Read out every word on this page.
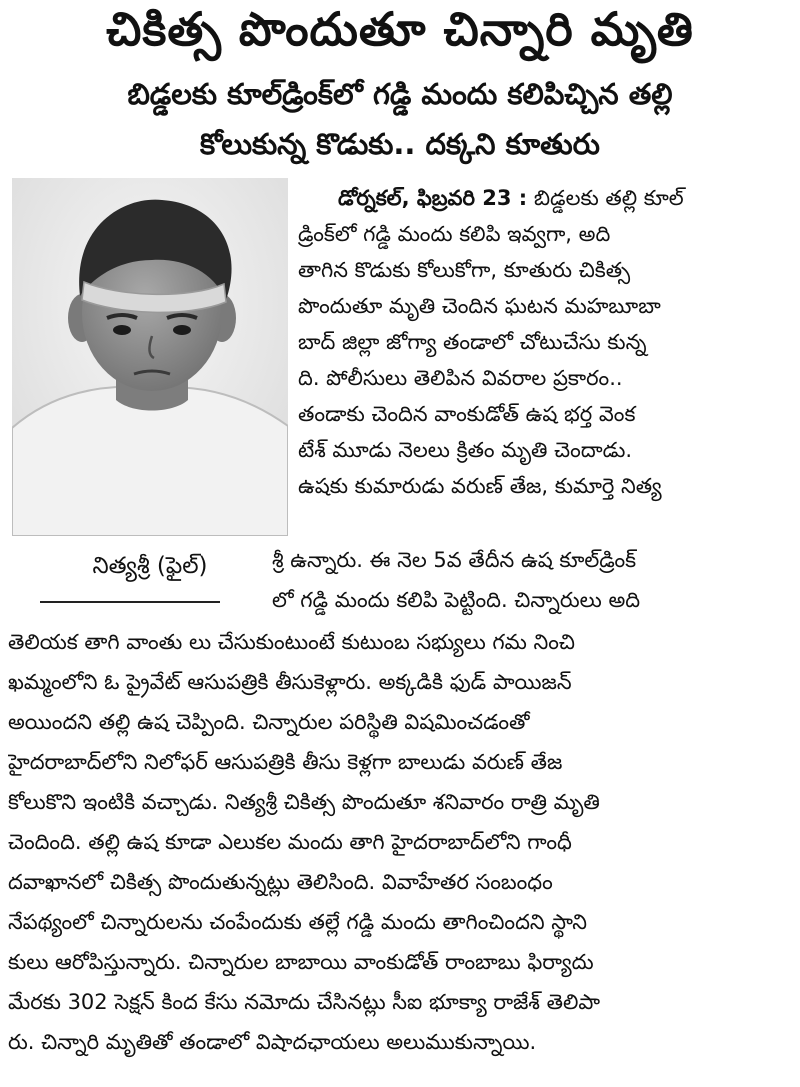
చికిత్స పొందుతూ చిన్నారి మృతి
బిడ్డలకు కూల్‌డ్రింక్‌లో గడ్డి మందు కలిపిచ్చిన తల్లి
కోలుకున్న కొడుకు.. దక్కని కూతురు
నిత్యశ్రీ (ఫైల్)
డోర్నకల్, ఫిబ్రవరి 23 : బిడ్డలకు తల్లి కూల్
డ్రింక్‌లో గడ్డి మందు కలిపి ఇవ్వగా, అది
తాగిన కొడుకు కోలుకోగా, కూతురు చికిత్స
పొందుతూ మృతి చెందిన ఘటన మహబూబా
బాద్ జిల్లా జోగ్యా తండాలో చోటుచేసు కున్న
ది. పోలీసులు తెలిపిన వివరాల ప్రకారం..
తండాకు చెందిన వాంకుడోత్ ఉష భర్త వెంక
టేశ్ మూడు నెలలు క్రితం మృతి చెందాడు.
ఉషకు కుమారుడు వరుణ్ తేజ, కుమార్తె నిత్య
శ్రీ ఉన్నారు. ఈ నెల 5వ తేదీన ఉష కూల్‌డ్రింక్
లో గడ్డి మందు కలిపి పెట్టింది. చిన్నారులు అది
తెలియక తాగి వాంతు లు చేసుకుంటుంటే కుటుంబ సభ్యులు గమ నించి
ఖమ్మంలోని ఓ ప్రైవేట్ ఆసుపత్రికి తీసుకెళ్లారు. అక్కడికి ఫుడ్ పాయిజన్
అయిందని తల్లి ఉష చెప్పింది. చిన్నారుల పరిస్థితి విషమించడంతో
హైదరాబాద్‌లోని నిలోఫర్ ఆసుపత్రికి తీసు కెళ్లగా బాలుడు వరుణ్ తేజ
కోలుకొని ఇంటికి వచ్చాడు. నిత్యశ్రీ చికిత్స పొందుతూ శనివారం రాత్రి మృతి
చెందింది. తల్లి ఉష కూడా ఎలుకల మందు తాగి హైదరాబాద్‌లోని గాంధీ
దవాఖానలో చికిత్స పొందుతున్నట్లు తెలిసింది. వివాహేతర సంబంధం
నేపథ్యంలో చిన్నారులను చంపేందుకు తల్లే గడ్డి మందు తాగించిందని స్థాని
కులు ఆరోపిస్తున్నారు. చిన్నారుల బాబాయి వాంకుడోత్ రాంబాబు ఫిర్యాదు
మేరకు 302 సెక్షన్ కింద కేసు నమోదు చేసినట్లు సీఐ భూక్యా రాజేశ్ తెలిపా
రు. చిన్నారి మృతితో తండాలో విషాదఛాయలు అలుముకున్నాయి.
